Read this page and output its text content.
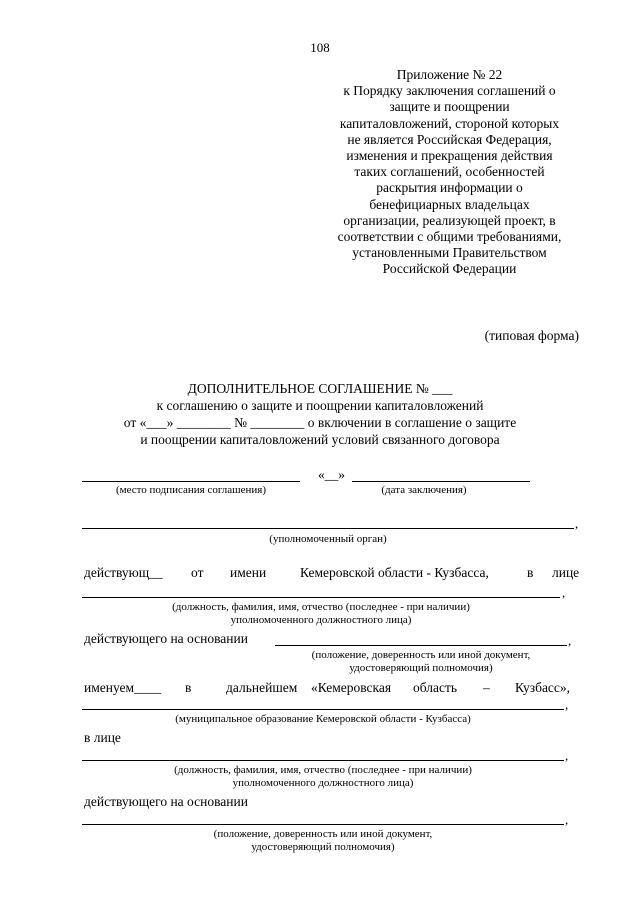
108
Приложение № 22
к Порядку заключения соглашений о
защите и поощрении
капиталовложений, стороной которых
не является Российская Федерация,
изменения и прекращения действия
таких соглашений, особенностей
раскрытия информации о
бенефициарных владельцах
организации, реализующей проект, в
соответствии с общими требованиями,
установленными Правительством
Российской Федерации
(типовая форма)
ДОПОЛНИТЕЛЬНОЕ СОГЛАШЕНИЕ № ___
к соглашению о защите и поощрении капиталовложений
от «___» ________ № ________ о включении в соглашение о защите
и поощрении капиталовложений условий связанного договора
«__»
(место подписания соглашения)	(дата заключения)
,
(уполномоченный орган)
действующ__ от имени	Кемеровской области - Кузбасса,	в лице
,
(должность, фамилия, имя, отчество (последнее - при наличии)
уполномоченного должностного лица)
действующего на основании	,
(положение, доверенность или иной документ,
удостоверяющий полномочия)
именуем____ в	дальнейшем «Кемеровская область – Кузбасс»,
,
(муниципальное образование Кемеровской области - Кузбасса)
в лице
,
(должность, фамилия, имя, отчество (последнее - при наличии)
уполномоченного должностного лица)
действующего на основании
,
(положение, доверенность или иной документ,
удостоверяющий полномочия)
